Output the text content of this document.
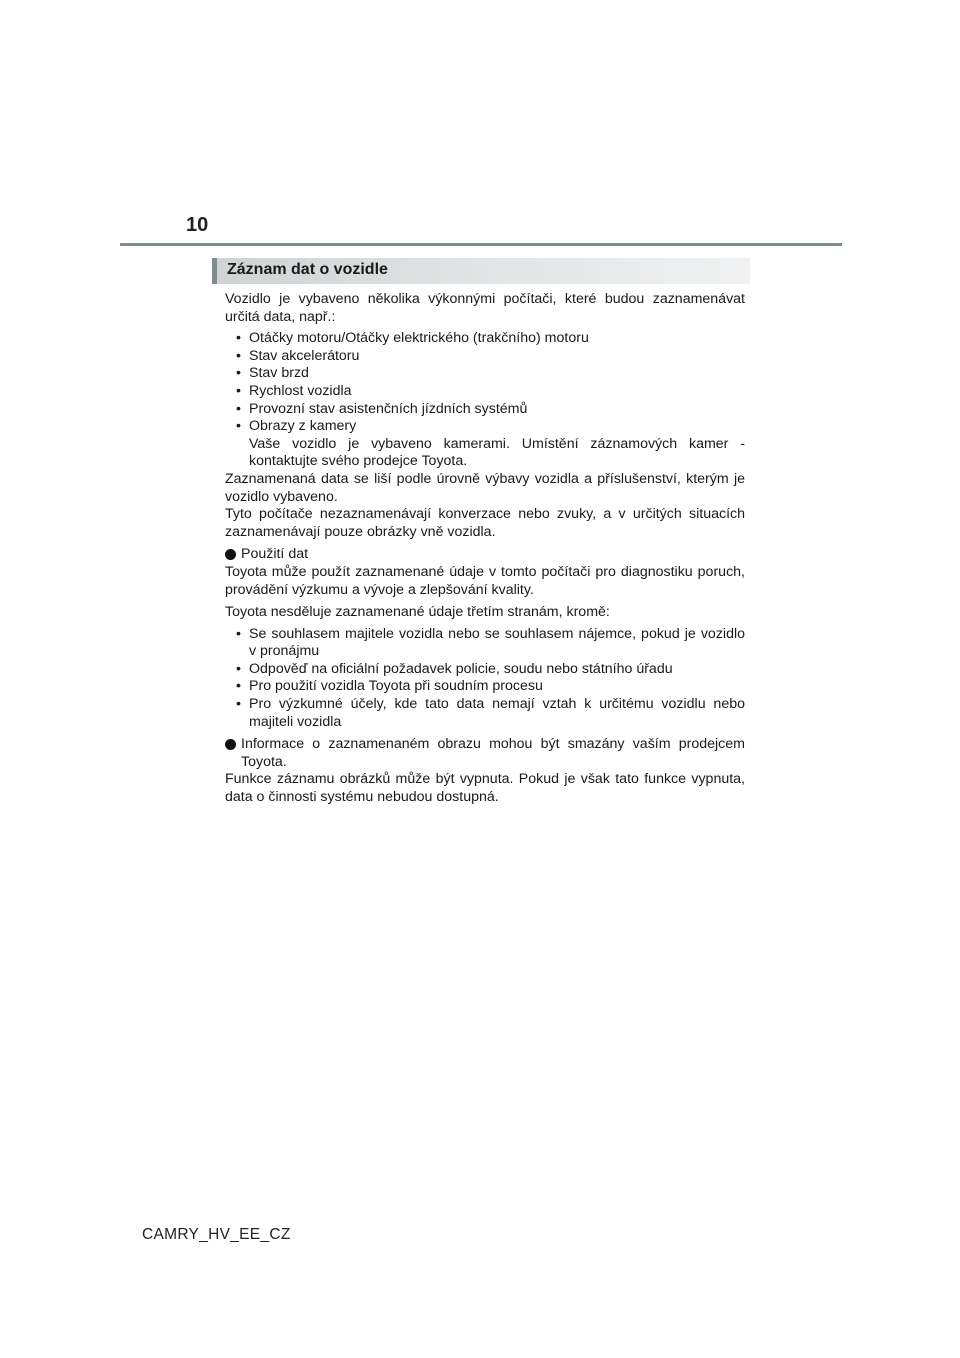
10
Záznam dat o vozidle

Vozidlo je vybaveno několika výkonnými počítači, které budou zaznamenávat určitá data, např.:

• Otáčky motoru/Otáčky elektrického (trakčního) motoru
• Stav akcelerátoru
• Stav brzd
• Rychlost vozidla
• Provozní stav asistenčních jízdních systémů
• Obrazy z kamery
Vaše vozidlo je vybaveno kamerami. Umístění záznamových kamer - kontaktujte svého prodejce Toyota.

Zaznamenaná data se liší podle úrovně výbavy vozidla a příslušenství, kterým je vozidlo vybaveno.

Tyto počítače nezaznamenávají konverzace nebo zvuky, a v určitých situacích zaznamenávají pouze obrázky vně vozidla.

Použití dat

Toyota může použít zaznamenané údaje v tomto počítači pro diagnostiku poruch, provádění výzkumu a vývoje a zlepšování kvality.

Toyota nesděluje zaznamenané údaje třetím stranám, kromě:

• Se souhlasem majitele vozidla nebo se souhlasem nájemce, pokud je vozidlo v pronájmu
• Odpověď na oficiální požadavek policie, soudu nebo státního úřadu
• Pro použití vozidla Toyota při soudním procesu
• Pro výzkumné účely, kde tato data nemají vztah k určitému vozidlu nebo majiteli vozidla
Informace o zaznamenaném obrazu mohou být smazány vaším prodejcem Toyota.

Funkce záznamu obrázků může být vypnuta. Pokud je však tato funkce vypnuta, data o činnosti systému nebudou dostupná.

CAMRY_HV_EE_CZ
